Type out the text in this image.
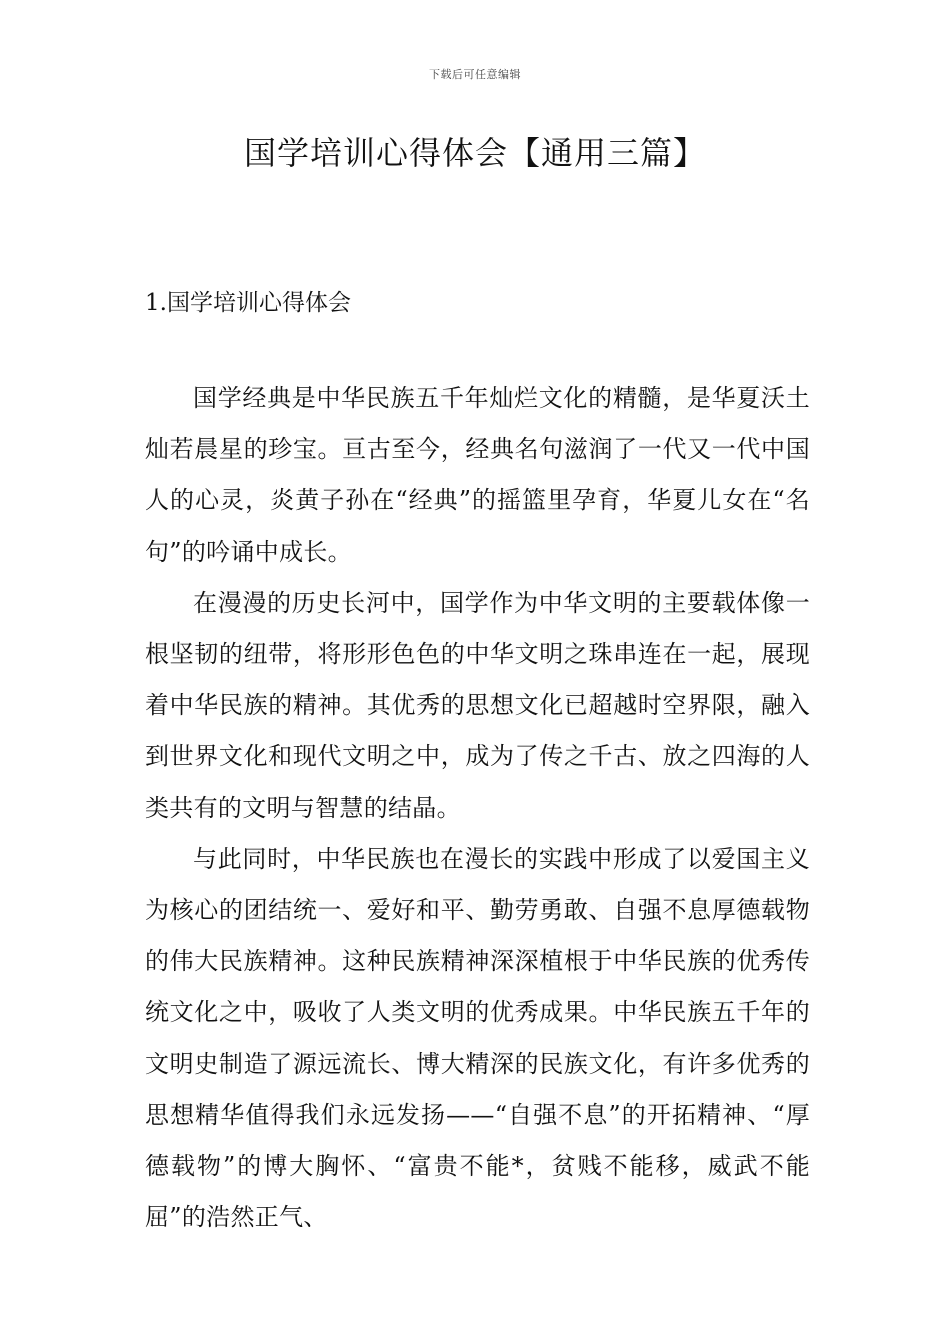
下载后可任意编辑
国学培训心得体会【通用三篇】
1.国学培训心得体会

国学经典是中华民族五千年灿烂文化的精髓，是华夏沃土灿若晨星的珍宝。亘古至今，经典名句滋润了一代又一代中国人的心灵，炎黄子孙在“经典”的摇篮里孕育，华夏儿女在“名句”的吟诵中成长。

在漫漫的历史长河中，国学作为中华文明的主要载体像一根坚韧的纽带，将形形色色的中华文明之珠串连在一起，展现着中华民族的精神。其优秀的思想文化已超越时空界限，融入到世界文化和现代文明之中，成为了传之千古、放之四海的人类共有的文明与智慧的结晶。

与此同时，中华民族也在漫长的实践中形成了以爱国主义为核心的团结统一、爱好和平、勤劳勇敢、自强不息厚德载物的伟大民族精神。这种民族精神深深植根于中华民族的优秀传统文化之中，吸收了人类文明的优秀成果。中华民族五千年的文明史制造了源远流长、博大精深的民族文化，有许多优秀的思想精华值得我们永远发扬——“自强不息”的开拓精神、“厚德载物”的博大胸怀、“富贵不能*，贫贱不能移，威武不能屈”的浩然正气、
